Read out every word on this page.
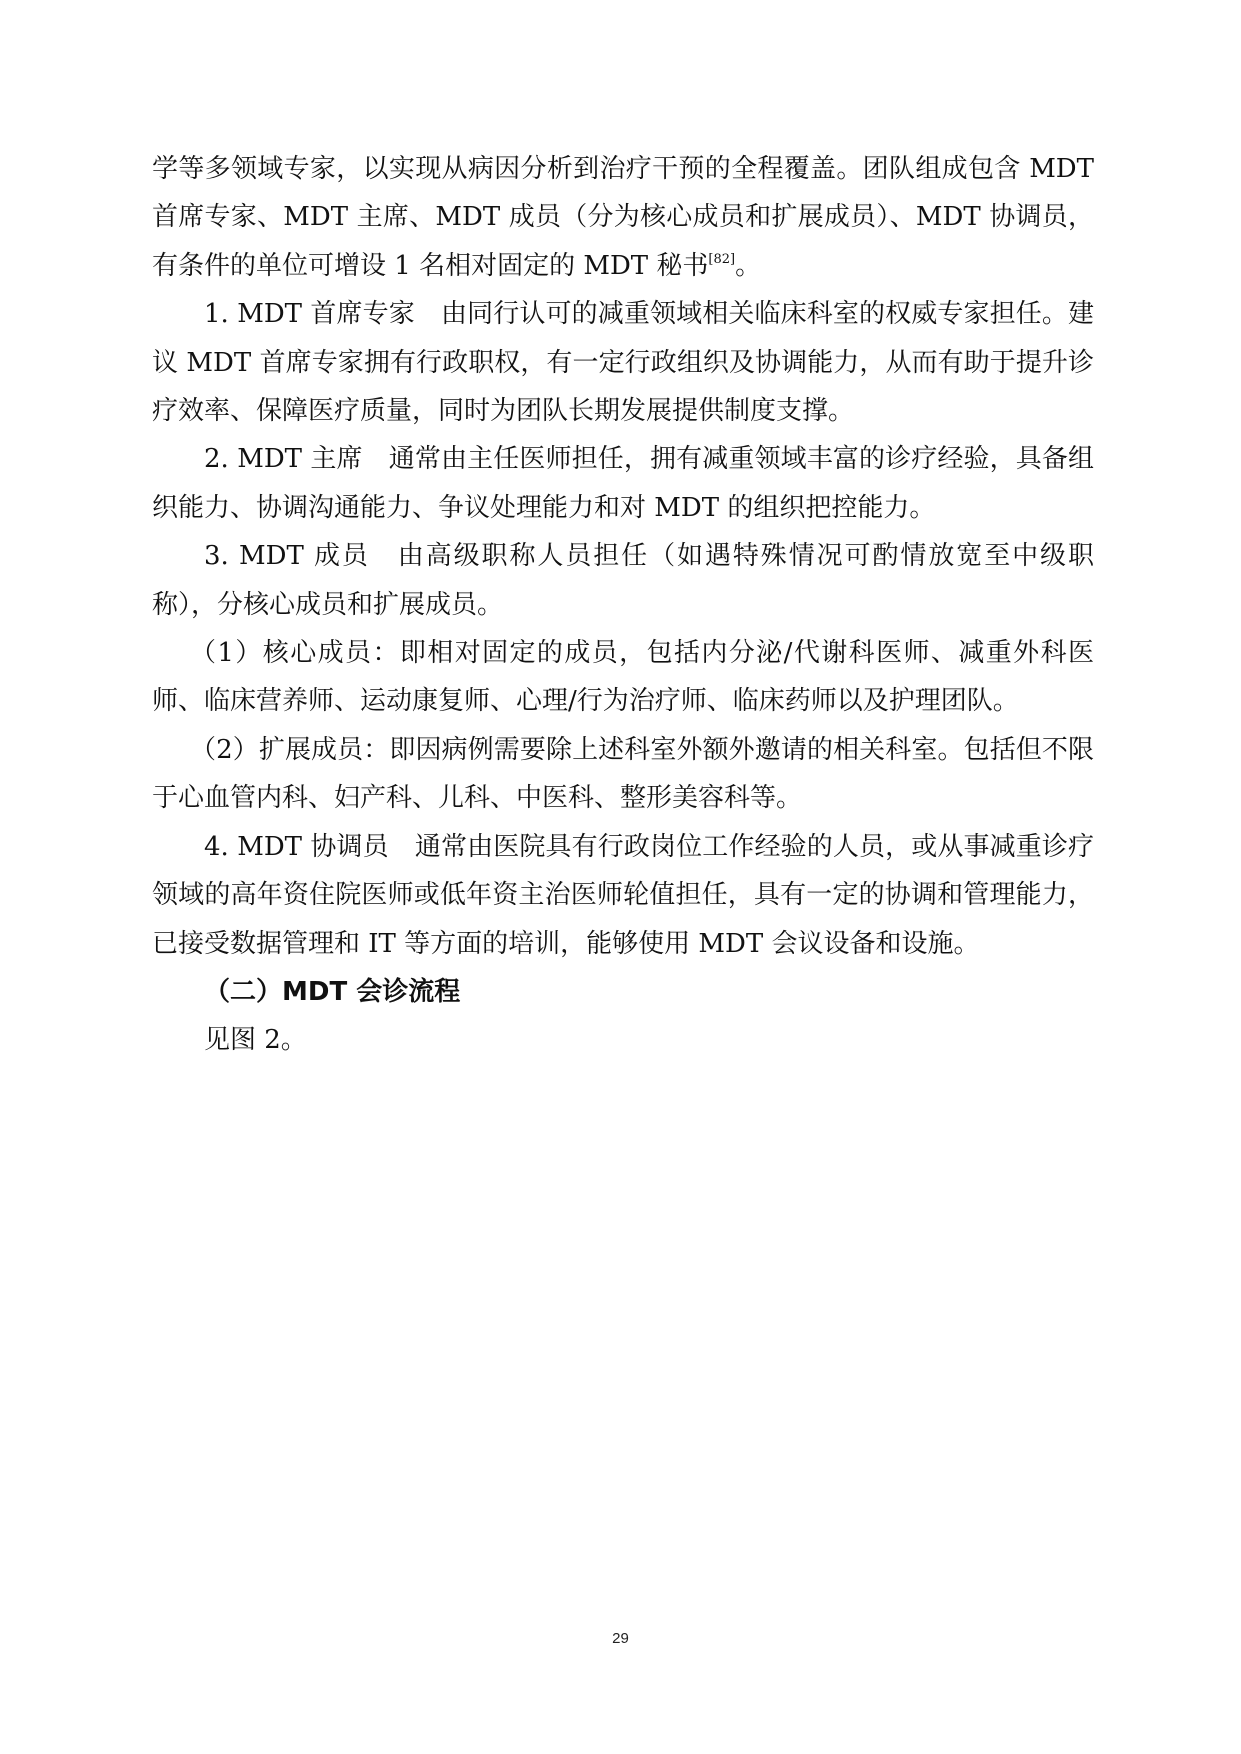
学等多领域专家，以实现从病因分析到治疗干预的全程覆盖。团队组成包含 MDT 首席专家、MDT 主席、MDT 成员（分为核心成员和扩展成员）、MDT 协调员，有条件的单位可增设 1 名相对固定的 MDT 秘书[82]。

1. MDT 首席专家 由同行认可的减重领域相关临床科室的权威专家担任。建议 MDT 首席专家拥有行政职权，有一定行政组织及协调能力，从而有助于提升诊疗效率、保障医疗质量，同时为团队长期发展提供制度支撑。

2. MDT 主席 通常由主任医师担任，拥有减重领域丰富的诊疗经验，具备组织能力、协调沟通能力、争议处理能力和对 MDT 的组织把控能力。

3. MDT 成员 由高级职称人员担任（如遇特殊情况可酌情放宽至中级职称），分核心成员和扩展成员。

（1）核心成员：即相对固定的成员，包括内分泌/代谢科医师、减重外科医师、临床营养师、运动康复师、心理/行为治疗师、临床药师以及护理团队。

（2）扩展成员：即因病例需要除上述科室外额外邀请的相关科室。包括但不限于心血管内科、妇产科、儿科、中医科、整形美容科等。

4. MDT 协调员 通常由医院具有行政岗位工作经验的人员，或从事减重诊疗领域的高年资住院医师或低年资主治医师轮值担任，具有一定的协调和管理能力，已接受数据管理和 IT 等方面的培训，能够使用 MDT 会议设备和设施。

（二）MDT 会诊流程

见图 2。

29
